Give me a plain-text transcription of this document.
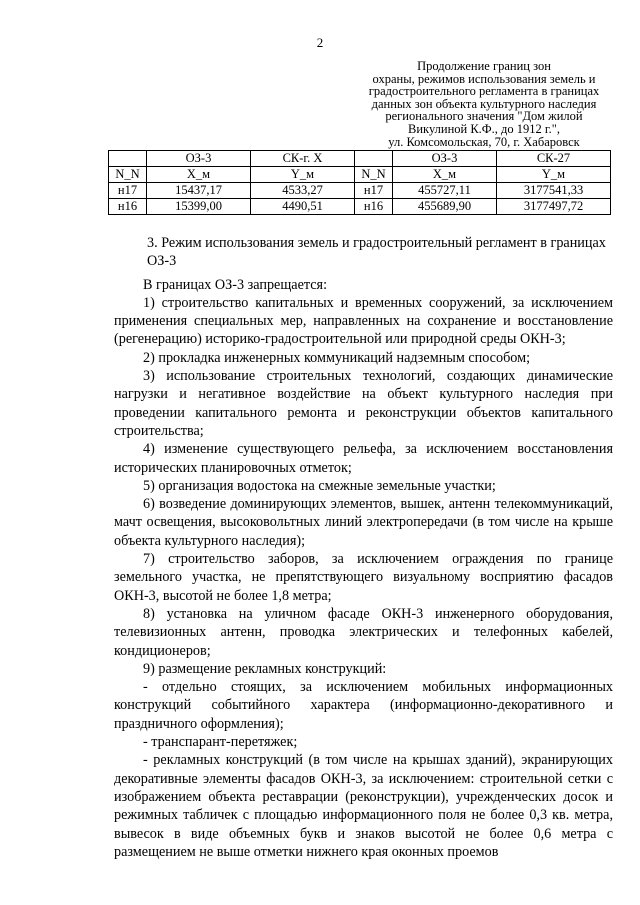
2
Продолжение границ зон
охраны, режимов использования земель и
градостроительного регламента в границах
данных зон объекта культурного наследия
регионального значения "Дом жилой
Викулиной К.Ф., до 1912 г.",
ул. Комсомольская, 70, г. Хабаровск
	ОЗ-3	СК-г. Х		ОЗ-3	СК-27
N_N	X_м	Y_м	N_N	X_м	Y_м
н17	15437,17	4533,27	н17	455727,11	3177541,33
н16	15399,00	4490,51	н16	455689,90	3177497,72

3. Режим использования земель и градостроительный регламент в границах ОЗ-3

В границах ОЗ-3 запрещается:

1) строительство капитальных и временных сооружений, за исключением применения специальных мер, направленных на сохранение и восстановление (регенерацию) историко-градостроительной или природной среды ОКН-3;

2) прокладка инженерных коммуникаций надземным способом;

3) использование строительных технологий, создающих динамические нагрузки и негативное воздействие на объект культурного наследия при проведении капитального ремонта и реконструкции объектов капитального строительства;

4) изменение существующего рельефа, за исключением восстановления исторических планировочных отметок;

5) организация водостока на смежные земельные участки;

6) возведение доминирующих элементов, вышек, антенн телекоммуникаций, мачт освещения, высоковольтных линий электропередачи (в том числе на крыше объекта культурного наследия);

7) строительство заборов, за исключением ограждения по границе земельного участка, не препятствующего визуальному восприятию фасадов ОКН-3, высотой не более 1,8 метра;

8) установка на уличном фасаде ОКН-3 инженерного оборудования, телевизионных антенн, проводка электрических и телефонных кабелей, кондиционеров;

9) размещение рекламных конструкций:

- отдельно стоящих, за исключением мобильных информационных конструкций событийного характера (информационно-декоративного и праздничного оформления);

- транспарант-перетяжек;

- рекламных конструкций (в том числе на крышах зданий), экранирующих декоративные элементы фасадов ОКН-3, за исключением: строительной сетки с изображением объекта реставрации (реконструкции), учрежденческих досок и режимных табличек с площадью информационного поля не более 0,3 кв. метра, вывесок в виде объемных букв и знаков высотой не более 0,6 метра с размещением не выше отметки нижнего края оконных проемов
